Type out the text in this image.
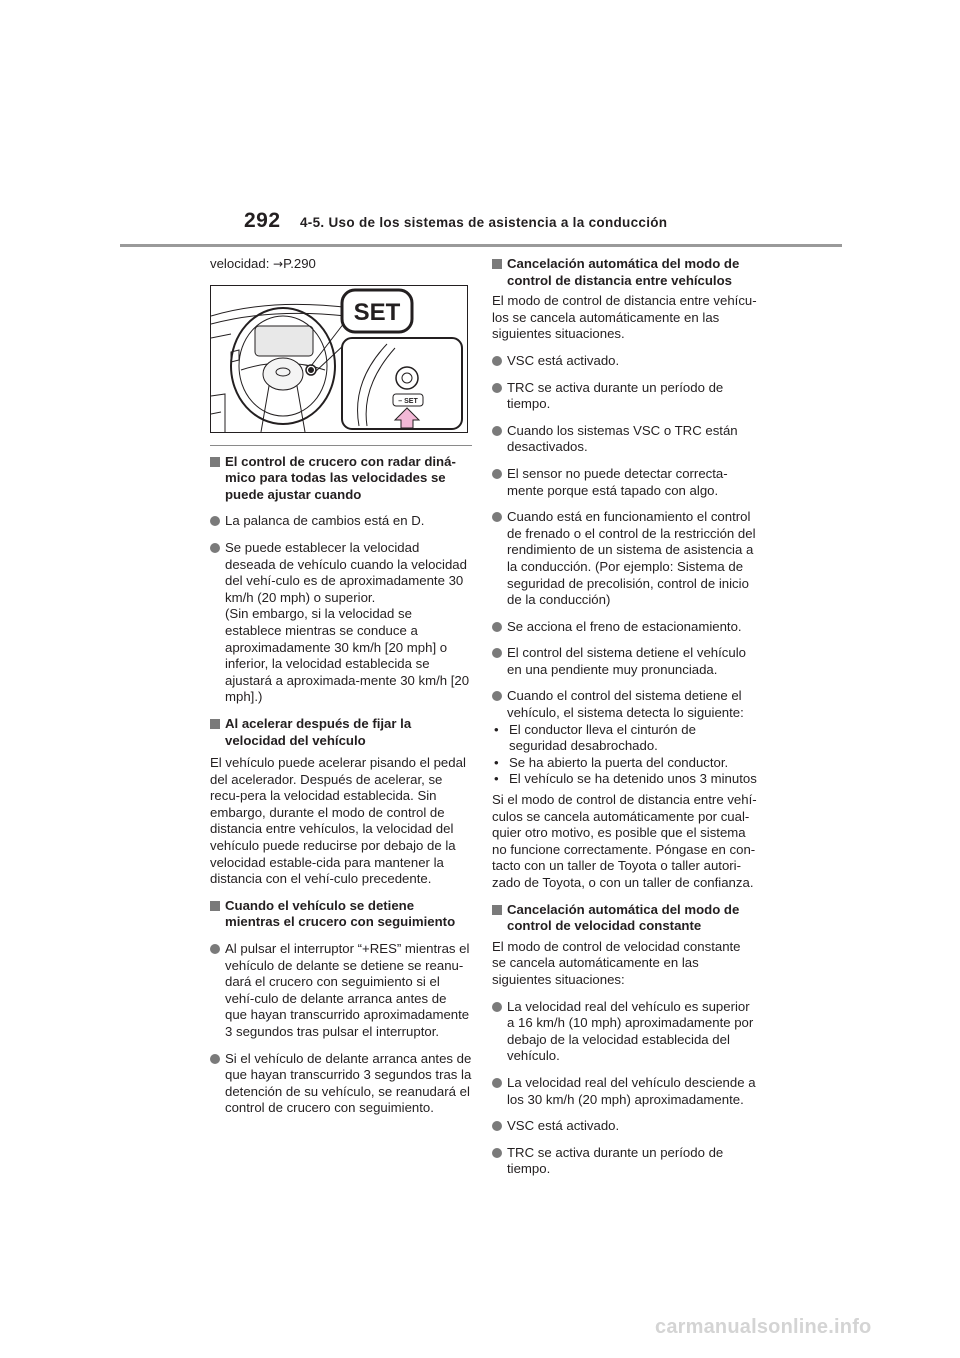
292 4-5. Uso de los sistemas de asistencia a la conducción

velocidad: →P.290

SET
– SET
El control de crucero con radar diná-mico para todas las velocidades se puede ajustar cuando
La palanca de cambios está en D.
Se puede establecer la velocidad deseada de vehículo cuando la velocidad del vehí-culo es de aproximadamente 30 km/h (20 mph) o superior.
(Sin embargo, si la velocidad se establece mientras se conduce a aproximadamente 30 km/h [20 mph] o inferior, la velocidad establecida se ajustará a aproximada-mente 30 km/h [20 mph].)
Al acelerar después de fijar la velocidad del vehículo

El vehículo puede acelerar pisando el pedal del acelerador. Después de acelerar, se recu-pera la velocidad establecida. Sin embargo, durante el modo de control de distancia entre vehículos, la velocidad del vehículo puede reducirse por debajo de la velocidad estable-cida para mantener la distancia con el vehí-culo precedente.

Cuando el vehículo se detiene mientras el crucero con seguimiento
Al pulsar el interruptor “+RES” mientras el vehículo de delante se detiene se reanu-dará el crucero con seguimiento si el vehí-culo de delante arranca antes de que hayan transcurrido aproximadamente 3 segundos tras pulsar el interruptor.
Si el vehículo de delante arranca antes de que hayan transcurrido 3 segundos tras la detención de su vehículo, se reanudará el control de crucero con seguimiento.
Cancelación automática del modo de control de distancia entre vehículos

El modo de control de distancia entre vehícu-los se cancela automáticamente en las siguientes situaciones.

VSC está activado.
TRC se activa durante un período de tiempo.
Cuando los sistemas VSC o TRC están desactivados.
El sensor no puede detectar correcta-mente porque está tapado con algo.
Cuando está en funcionamiento el control de frenado o el control de la restricción del rendimiento de un sistema de asistencia a la conducción. (Por ejemplo: Sistema de seguridad de precolisión, control de inicio de la conducción)
Se acciona el freno de estacionamiento.
El control del sistema detiene el vehículo en una pendiente muy pronunciada.
Cuando el control del sistema detiene el vehículo, el sistema detecta lo siguiente:
• El conductor lleva el cinturón de seguridad desabrochado.
• Se ha abierto la puerta del conductor.
• El vehículo se ha detenido unos 3 minutos

Si el modo de control de distancia entre vehí-culos se cancela automáticamente por cual-quier otro motivo, es posible que el sistema no funcione correctamente. Póngase en con-tacto con un taller de Toyota o taller autori-zado de Toyota, o con un taller de confianza.

Cancelación automática del modo de control de velocidad constante

El modo de control de velocidad constante se cancela automáticamente en las siguientes situaciones:

La velocidad real del vehículo es superior a 16 km/h (10 mph) aproximadamente por debajo de la velocidad establecida del vehículo.
La velocidad real del vehículo desciende a los 30 km/h (20 mph) aproximadamente.
VSC está activado.
TRC se activa durante un período de tiempo.
carmanualsonline.info
